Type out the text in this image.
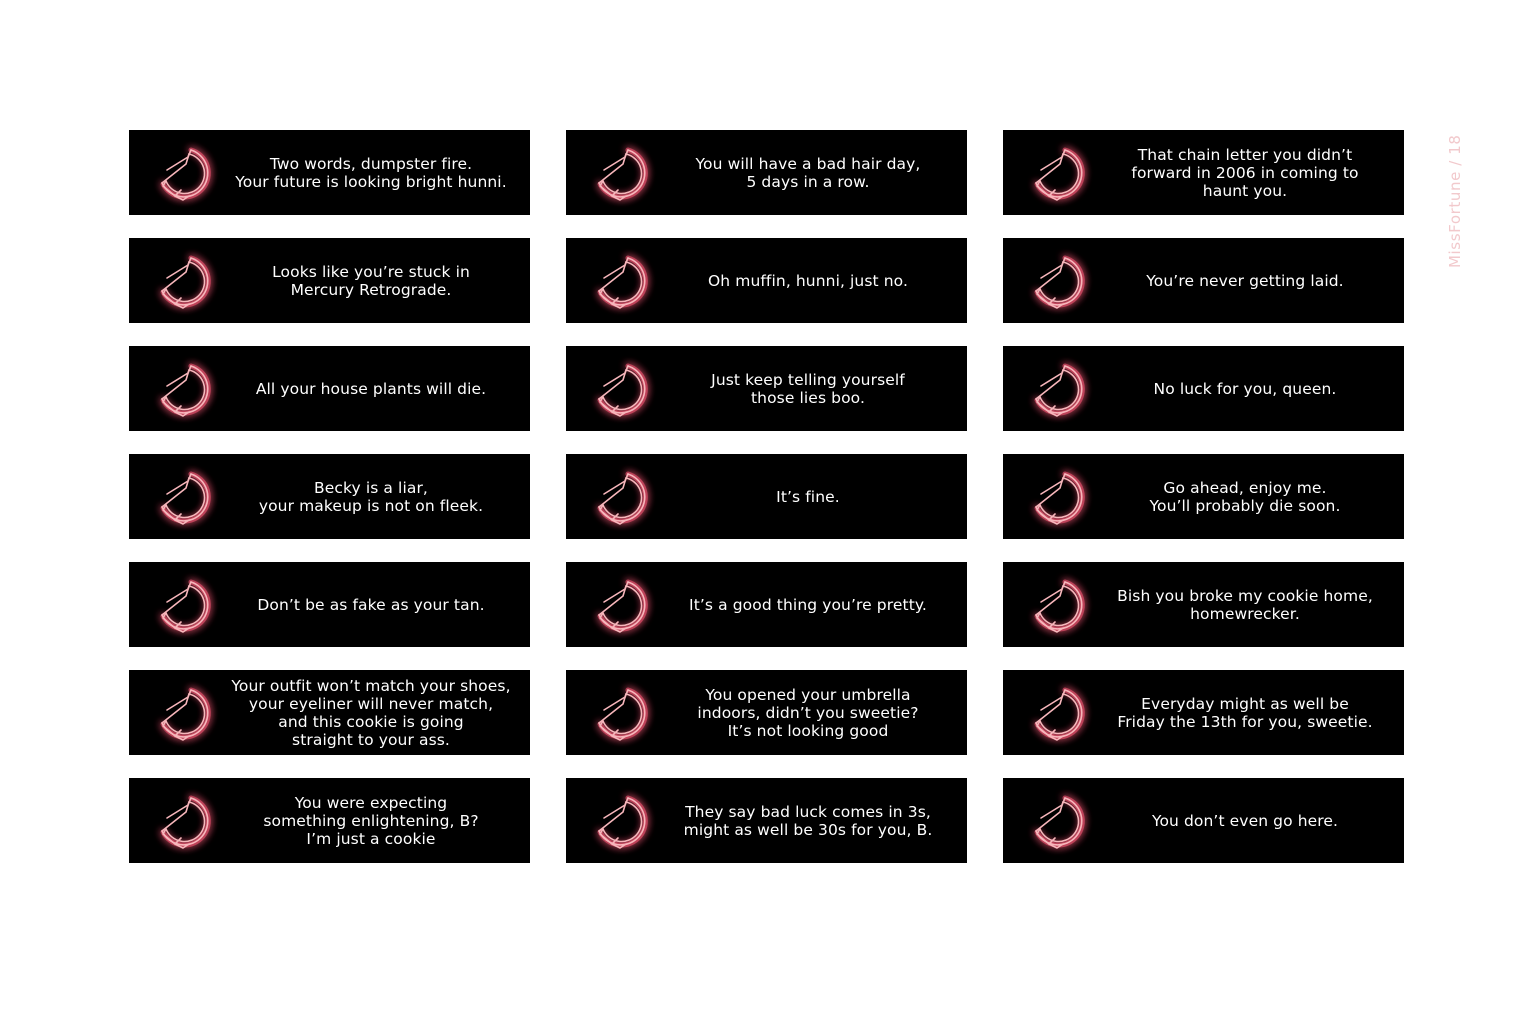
Two words, dumpster fire.
Your future is looking bright hunni.
You will have a bad hair day,
5 days in a row.
That chain letter you didn’t
forward in 2006 in coming to
haunt you.
Looks like you’re stuck in
Mercury Retrograde.	Oh muffin, hunni, just no.	You’re never getting laid.
All your house plants will die.	Just keep telling yourself
those lies boo.	No luck for you, queen.
Becky is a liar,
your makeup is not on fleek.	It’s fine.	Go ahead, enjoy me.
You’ll probably die soon.
Don’t be as fake as your tan.	It’s a good thing you’re pretty.	Bish you broke my cookie home,
homewrecker.
Your outfit won’t match your shoes,
your eyeliner will never match,
and this cookie is going
straight to your ass.
You opened your umbrella
indoors, didn’t you sweetie?
It’s not looking good
Everyday might as well be
Friday the 13th for you, sweetie.
You were expecting
something enlightening, B?
I’m just a cookie
They say bad luck comes in 3s,
might as well be 30s for you, B.	You don’t even go here.
MissFortune / 18
